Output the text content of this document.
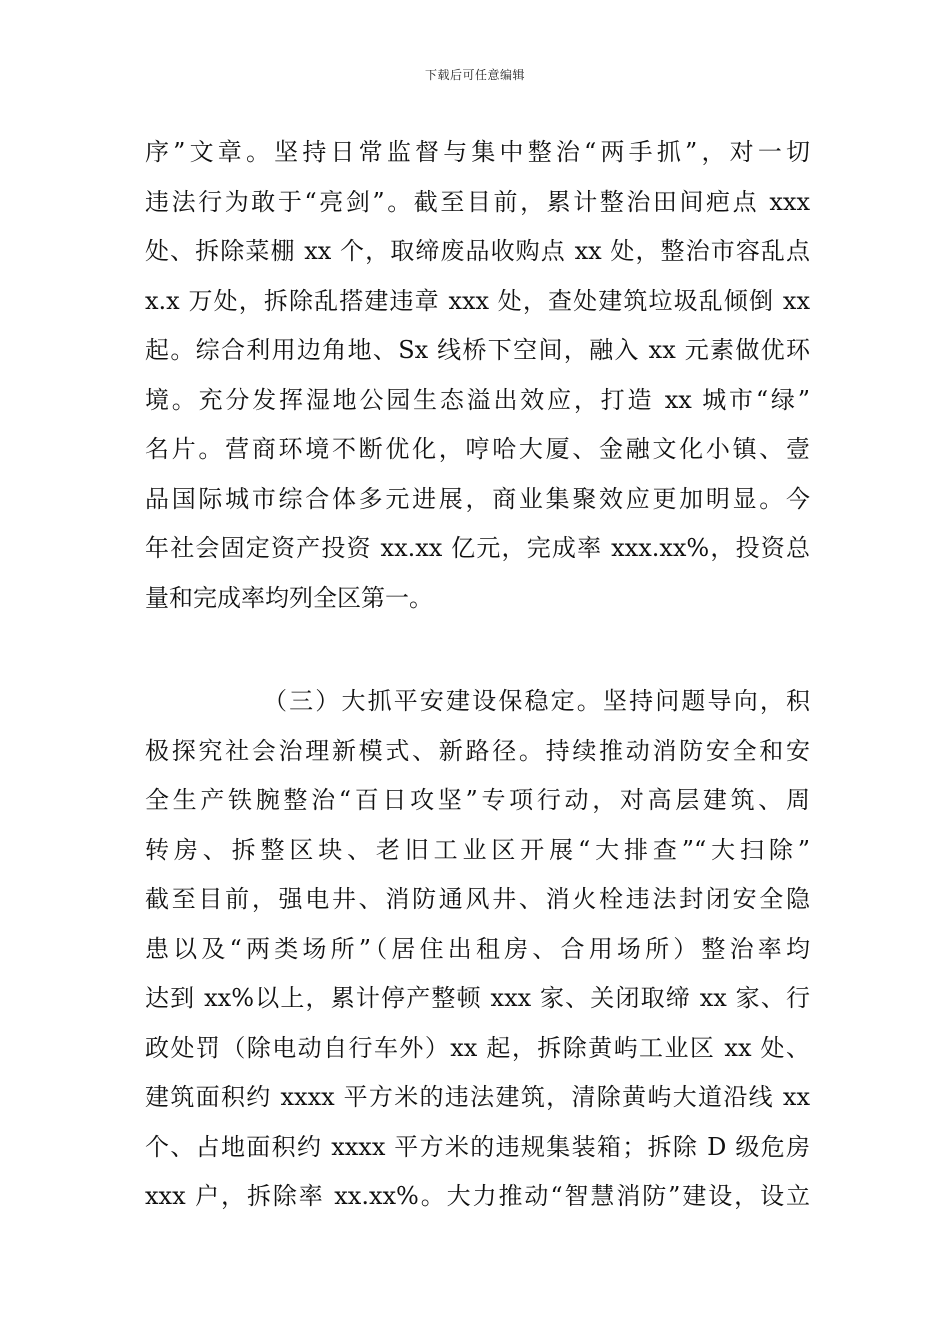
下载后可任意编辑
序”文章。坚持日常监督与集中整治“两手抓”，对一切
违法行为敢于“亮剑”。截至目前，累计整治田间疤点 xxx
处、拆除菜棚 xx 个，取缔废品收购点 xx 处，整治市容乱点
x.x 万处，拆除乱搭建违章 xxx 处，查处建筑垃圾乱倾倒 xx
起。综合利用边角地、Sx 线桥下空间，融入 xx 元素做优环
境。充分发挥湿地公园生态溢出效应，打造 xx 城市“绿”
名片。营商环境不断优化，哼哈大厦、金融文化小镇、壹
品国际城市综合体多元进展，商业集聚效应更加明显。今
年社会固定资产投资 xx.xx 亿元，完成率 xxx.xx%，投资总
量和完成率均列全区第一。
（三）大抓平安建设保稳定。坚持问题导向，积
极探究社会治理新模式、新路径。持续推动消防安全和安
全生产铁腕整治“百日攻坚”专项行动，对高层建筑、周
转房、拆整区块、老旧工业区开展“大排查”“大扫除”
截至目前，强电井、消防通风井、消火栓违法封闭安全隐
患以及“两类场所”（居住出租房、合用场所）整治率均
达到 xx%以上，累计停产整顿 xxx 家、关闭取缔 xx 家、行
政处罚（除电动自行车外）xx 起，拆除黄屿工业区 xx 处、
建筑面积约 xxxx 平方米的违法建筑，清除黄屿大道沿线 xx
个、占地面积约 xxxx 平方米的违规集装箱；拆除 D 级危房
xxx 户，拆除率 xx.xx%。大力推动“智慧消防”建设，设立
